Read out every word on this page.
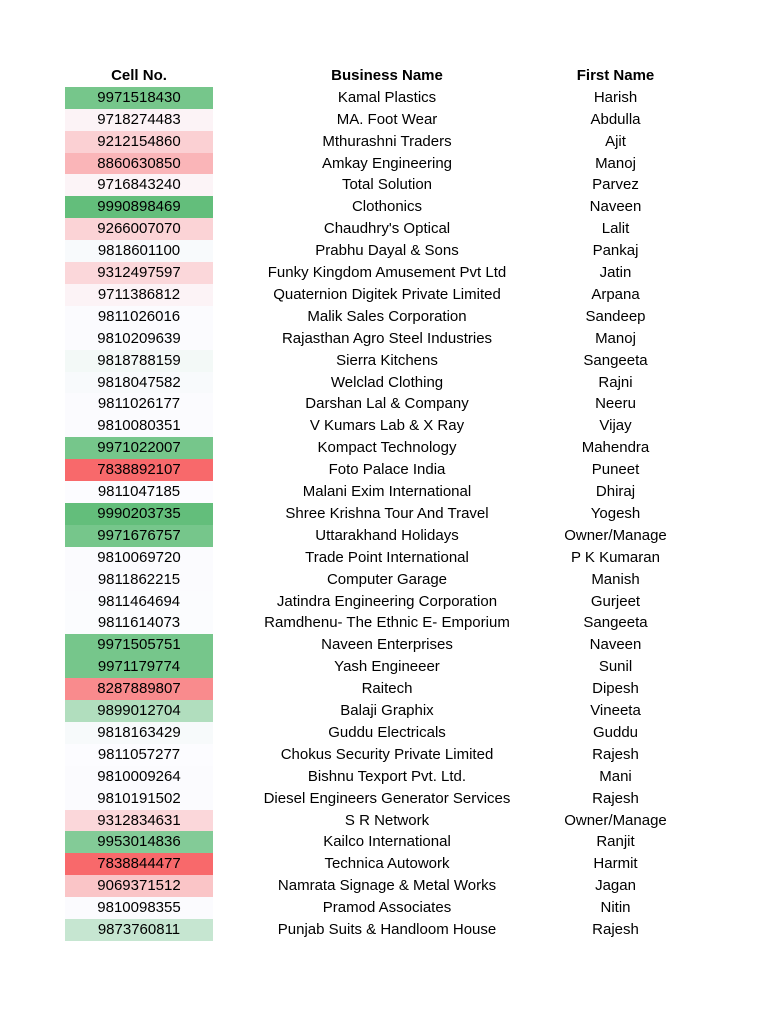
Cell No.	Business Name	First Name
9971518430	Kamal Plastics	Harish
9718274483	MA. Foot Wear	Abdulla
9212154860	Mthurashni Traders	Ajit
8860630850	Amkay Engineering	Manoj
9716843240	Total Solution	Parvez
9990898469	Clothonics	Naveen
9266007070	Chaudhry's Optical	Lalit
9818601100	Prabhu Dayal & Sons	Pankaj
9312497597	Funky Kingdom Amusement Pvt Ltd	Jatin
9711386812	Quaternion Digitek Private Limited	Arpana
9811026016	Malik Sales Corporation	Sandeep
9810209639	Rajasthan Agro Steel Industries	Manoj
9818788159	Sierra Kitchens	Sangeeta
9818047582	Welclad Clothing	Rajni
9811026177	Darshan Lal & Company	Neeru
9810080351	V Kumars Lab & X Ray	Vijay
9971022007	Kompact Technology	Mahendra
7838892107	Foto Palace India	Puneet
9811047185	Malani Exim International	Dhiraj
9990203735	Shree Krishna Tour And Travel	Yogesh
9971676757	Uttarakhand Holidays	Owner/Manage
9810069720	Trade Point International	P K Kumaran
9811862215	Computer Garage	Manish
9811464694	Jatindra Engineering Corporation	Gurjeet
9811614073	Ramdhenu- The Ethnic E- Emporium	Sangeeta
9971505751	Naveen Enterprises	Naveen
9971179774	Yash Engineeer	Sunil
8287889807	Raitech	Dipesh
9899012704	Balaji Graphix	Vineeta
9818163429	Guddu Electricals	Guddu
9811057277	Chokus Security Private Limited	Rajesh
9810009264	Bishnu Texport Pvt. Ltd.	Mani
9810191502	Diesel Engineers Generator Services	Rajesh
9312834631	S R Network	Owner/Manage
9953014836	Kailco International	Ranjit
7838844477	Technica Autowork	Harmit
9069371512	Namrata Signage & Metal Works	Jagan
9810098355	Pramod Associates	Nitin
9873760811	Punjab Suits & Handloom House	Rajesh
